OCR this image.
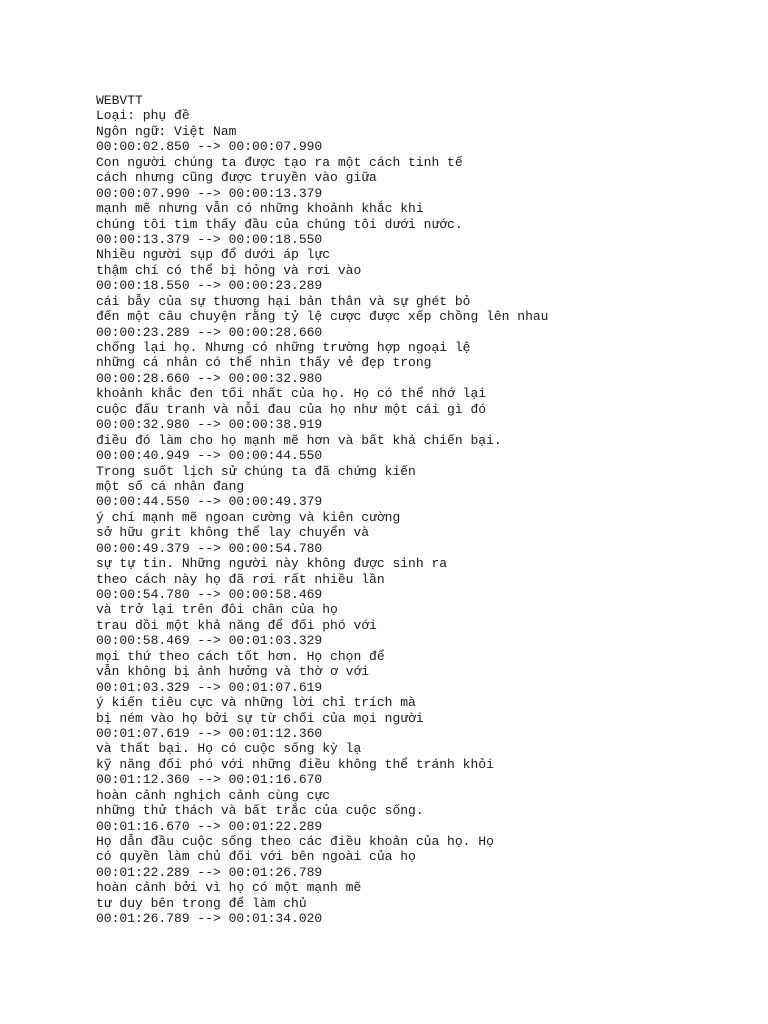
WEBVTT
Loại: phụ đề
Ngôn ngữ: Việt Nam
00:00:02.850 --> 00:00:07.990
Con người chúng ta được tạo ra một cách tinh tế
cách nhưng cũng được truyền vào giữa
00:00:07.990 --> 00:00:13.379
mạnh mẽ nhưng vẫn có những khoảnh khắc khi
chúng tôi tìm thấy đầu của chúng tôi dưới nước.
00:00:13.379 --> 00:00:18.550
Nhiều người sụp đổ dưới áp lực
thậm chí có thể bị hỏng và rơi vào
00:00:18.550 --> 00:00:23.289
cái bẫy của sự thương hại bản thân và sự ghét bỏ
đến một câu chuyện rằng tỷ lệ cược được xếp chồng lên nhau
00:00:23.289 --> 00:00:28.660
chống lại họ. Nhưng có những trường hợp ngoại lệ
những cá nhân có thể nhìn thấy vẻ đẹp trong
00:00:28.660 --> 00:00:32.980
khoảnh khắc đen tối nhất của họ. Họ có thể nhớ lại
cuộc đấu tranh và nỗi đau của họ như một cái gì đó
00:00:32.980 --> 00:00:38.919
điều đó làm cho họ mạnh mẽ hơn và bất khả chiến bại.
00:00:40.949 --> 00:00:44.550
Trong suốt lịch sử chúng ta đã chứng kiến
một số cá nhân đang
00:00:44.550 --> 00:00:49.379
ý chí mạnh mẽ ngoan cường và kiên cường
sở hữu grit không thể lay chuyển và
00:00:49.379 --> 00:00:54.780
sự tự tin. Những người này không được sinh ra
theo cách này họ đã rơi rất nhiều lần
00:00:54.780 --> 00:00:58.469
và trở lại trên đôi chân của họ
trau dồi một khả năng để đối phó với
00:00:58.469 --> 00:01:03.329
mọi thứ theo cách tốt hơn. Họ chọn để
vẫn không bị ảnh hưởng và thờ ơ với
00:01:03.329 --> 00:01:07.619
ý kiến tiêu cực và những lời chỉ trích mà
bị ném vào họ bởi sự từ chối của mọi người
00:01:07.619 --> 00:01:12.360
và thất bại. Họ có cuộc sống kỳ lạ
kỹ năng đối phó với những điều không thể tránh khỏi
00:01:12.360 --> 00:01:16.670
hoàn cảnh nghịch cảnh cùng cực
những thử thách và bất trắc của cuộc sống.
00:01:16.670 --> 00:01:22.289
Họ dẫn đầu cuộc sống theo các điều khoản của họ. Họ
có quyền làm chủ đối với bên ngoài của họ
00:01:22.289 --> 00:01:26.789
hoàn cảnh bởi vì họ có một mạnh mẽ
tư duy bên trong để làm chủ
00:01:26.789 --> 00:01:34.020
